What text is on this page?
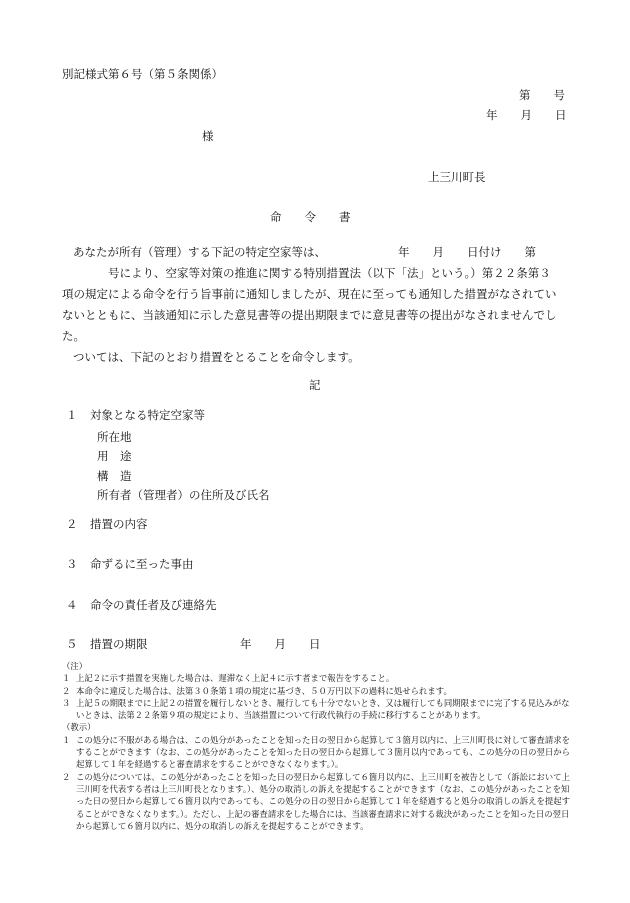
別記様式第６号（第５条関係）
第　　号
年　　月　　日
様
上三川町長
命　　令　　書
あなたが所有（管理）する下記の特定空家等は、	年　　月　　日付け　　第
号により、空家等対策の推進に関する特別措置法（以下「法」という。）第２２条第３
項の規定による命令を行う旨事前に通知しましたが、現在に至っても通知した措置がなされてい
ないとともに、当該通知に示した意見書等の提出期限までに意見書等の提出がなされませんでし
た。
ついては、下記のとおり措置をとることを命令します。
記
１ 対象となる特定空家等
所在地
用　途
構　造
所有者（管理者）の住所及び氏名
２ 措置の内容
３ 命ずるに至った事由
４ 命令の責任者及び連絡先
５ 措置の期限	年　　月　　日
（注）
１ 上記２に示す措置を実施した場合は、遅滞なく上記４に示す者まで報告をすること。
２ 本命令に違反した場合は、法第３０条第１項の規定に基づき、５０万円以下の過料に処せられます。
３ 上記５の期限までに上記２の措置を履行しないとき、履行しても十分でないとき、又は履行しても同期限までに完了する見込みがないときは、法第２２条第９項の規定により、当該措置について行政代執行の手続に移行することがあります。
（教示）
１ この処分に不服がある場合は、この処分があったことを知った日の翌日から起算して３箇月以内に、上三川町長に対して審査請求をすることができます（なお、この処分があったことを知った日の翌日から起算して３箇月以内であっても、この処分の日の翌日から起算して１年を経過すると審査請求をすることができなくなります。）。
２ この処分については、この処分があったことを知った日の翌日から起算して６箇月以内に、上三川町を被告として（訴訟において上三川町を代表する者は上三川町長となります。）、処分の取消しの訴えを提起することができます（なお、この処分があったことを知った日の翌日から起算して６箇月以内であっても、この処分の日の翌日から起算して１年を経過すると処分の取消しの訴えを提起することができなくなります。）。ただし、上記の審査請求をした場合には、当該審査請求に対する裁決があったことを知った日の翌日から起算して６箇月以内に、処分の取消しの訴えを提起することができます。
